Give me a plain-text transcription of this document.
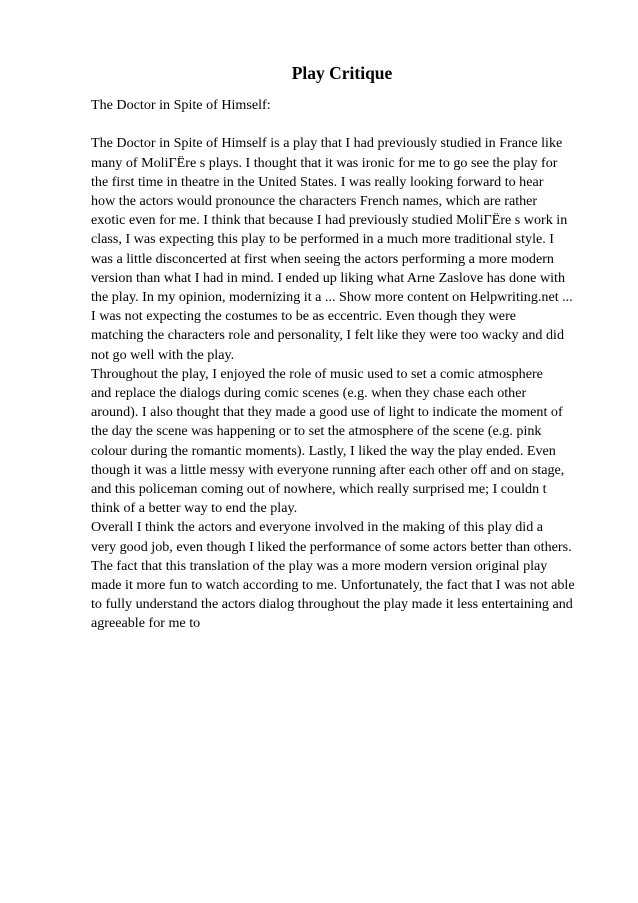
Play Critique
The Doctor in Spite of Himself:
The Doctor in Spite of Himself is a play that I had previously studied in France like
many of MoliΓËre s plays. I thought that it was ironic for me to go see the play for
the first time in theatre in the United States. I was really looking forward to hear
how the actors would pronounce the characters French names, which are rather
exotic even for me. I think that because I had previously studied MoliΓËre s work in
class, I was expecting this play to be performed in a much more traditional style. I
was a little disconcerted at first when seeing the actors performing a more modern
version than what I had in mind. I ended up liking what Arne Zaslove has done with
the play. In my opinion, modernizing it a ... Show more content on Helpwriting.net ...
I was not expecting the costumes to be as eccentric. Even though they were
matching the characters role and personality, I felt like they were too wacky and did
not go well with the play.
Throughout the play, I enjoyed the role of music used to set a comic atmosphere
and replace the dialogs during comic scenes (e.g. when they chase each other
around). I also thought that they made a good use of light to indicate the moment of
the day the scene was happening or to set the atmosphere of the scene (e.g. pink
colour during the romantic moments). Lastly, I liked the way the play ended. Even
though it was a little messy with everyone running after each other off and on stage,
and this policeman coming out of nowhere, which really surprised me; I couldn t
think of a better way to end the play.
Overall I think the actors and everyone involved in the making of this play did a
very good job, even though I liked the performance of some actors better than others.
The fact that this translation of the play was a more modern version original play
made it more fun to watch according to me. Unfortunately, the fact that I was not able
to fully understand the actors dialog throughout the play made it less entertaining and
agreeable for me to
